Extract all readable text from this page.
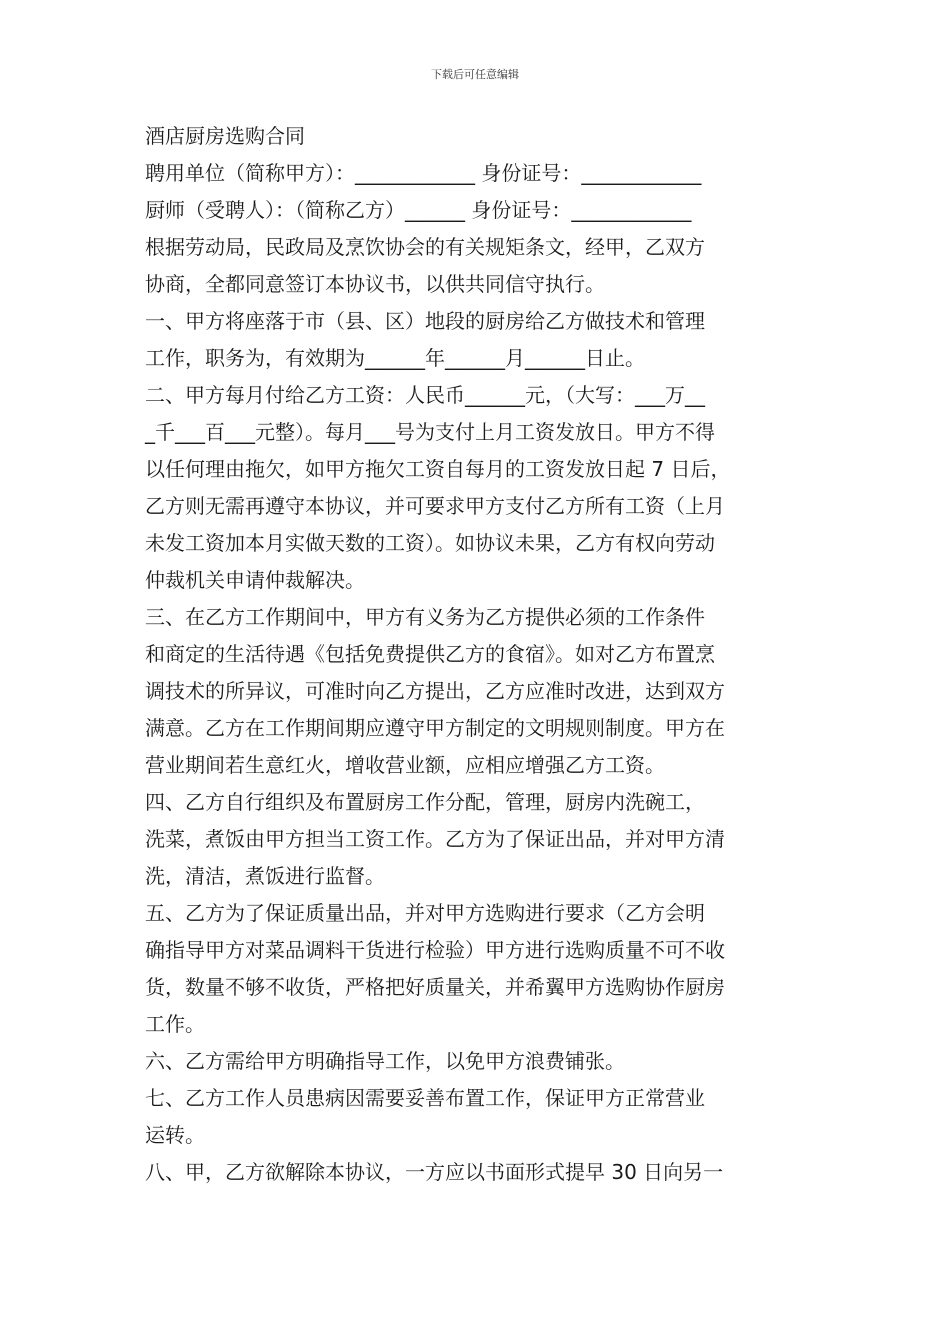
下载后可任意编辑

酒店厨房选购合同

聘用单位（简称甲方）：____________ 身份证号：____________

厨师（受聘人）：（简称乙方）______ 身份证号：____________

根据劳动局，民政局及烹饮协会的有关规矩条文，经甲，乙双方

协商，全都同意签订本协议书，以供共同信守执行。

一、甲方将座落于市（县、区）地段的厨房给乙方做技术和管理

工作，职务为，有效期为______年______月______日止。

二、甲方每月付给乙方工资：人民币______元，（大写：___万__

_千___百___元整）。每月___号为支付上月工资发放日。甲方不得

以任何理由拖欠，如甲方拖欠工资自每月的工资发放日起 7 日后，

乙方则无需再遵守本协议，并可要求甲方支付乙方所有工资（上月

未发工资加本月实做天数的工资）。如协议未果，乙方有权向劳动

仲裁机关申请仲裁解决。

三、在乙方工作期间中，甲方有义务为乙方提供必须的工作条件

和商定的生活待遇《包括免费提供乙方的食宿》。如对乙方布置烹

调技术的所异议，可准时向乙方提出，乙方应准时改进，达到双方

满意。乙方在工作期间期应遵守甲方制定的文明规则制度。甲方在

营业期间若生意红火，增收营业额，应相应增强乙方工资。

四、乙方自行组织及布置厨房工作分配，管理，厨房内洗碗工，

洗菜，煮饭由甲方担当工资工作。乙方为了保证出品，并对甲方清

洗，清洁，煮饭进行监督。

五、乙方为了保证质量出品，并对甲方选购进行要求（乙方会明

确指导甲方对菜品调料干货进行检验）甲方进行选购质量不可不收

货，数量不够不收货，严格把好质量关，并希翼甲方选购协作厨房

工作。

六、乙方需给甲方明确指导工作，以免甲方浪费铺张。

七、乙方工作人员患病因需要妥善布置工作，保证甲方正常营业

运转。

八、甲，乙方欲解除本协议，一方应以书面形式提早 30 日向另一
